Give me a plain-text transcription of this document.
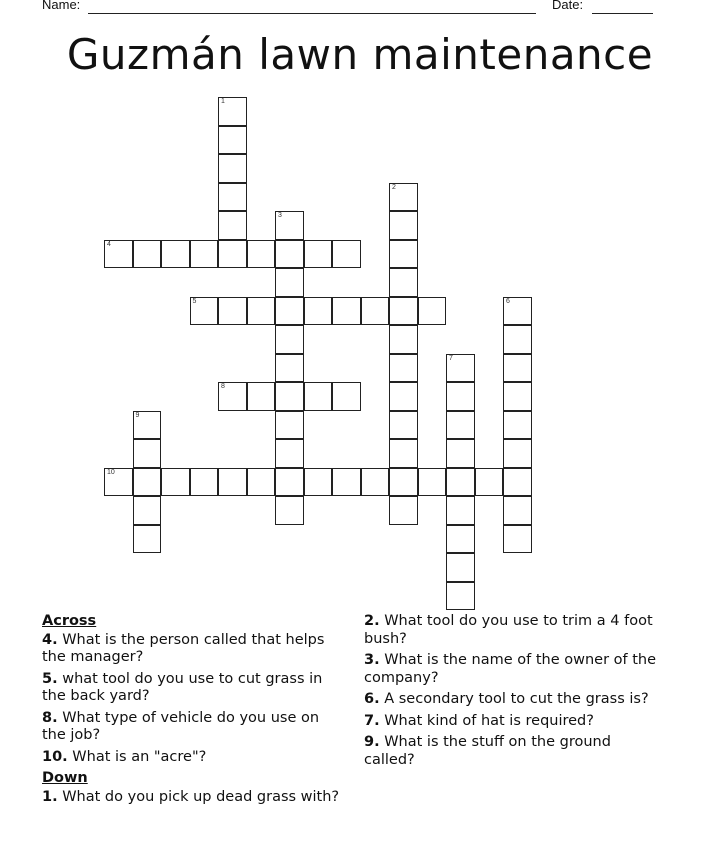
Name:	Date:
Guzmán lawn maintenance
1
2
3
4
5	6
7
8
9
10
Across
4. What is the person called that helps the manager?
5. what tool do you use to cut grass in the back yard?
8. What type of vehicle do you use on the job?
10. What is an "acre"?
Down
1. What do you pick up dead grass with?
2. What tool do you use to trim a 4 foot bush?
3. What is the name of the owner of the company?
6. A secondary tool to cut the grass is?
7. What kind of hat is required?
9. What is the stuff on the ground called?
